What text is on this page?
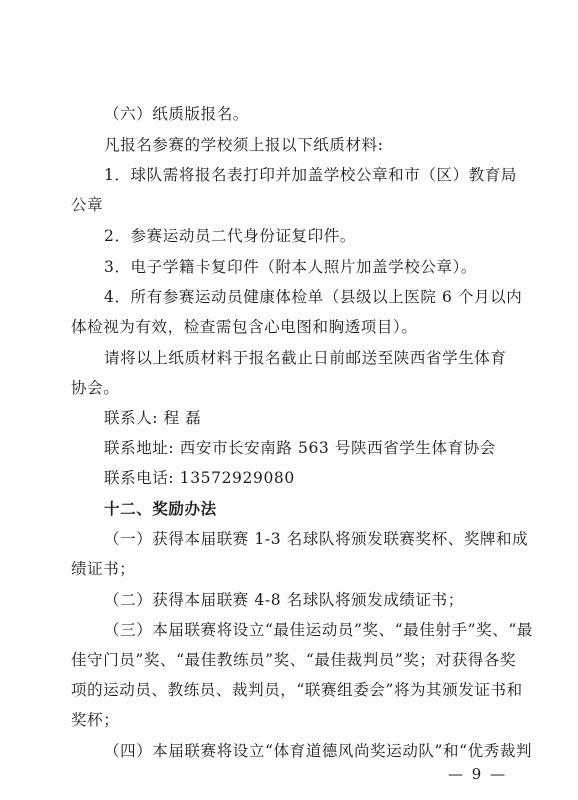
（六）纸质版报名。
凡报名参赛的学校须上报以下纸质材料:
1．球队需将报名表打印并加盖学校公章和市（区）教育局
公章
2．参赛运动员二代身份证复印件。
3．电子学籍卡复印件（附本人照片加盖学校公章）。
4．所有参赛运动员健康体检单（县级以上医院 6 个月以内
体检视为有效，检查需包含心电图和胸透项目）。
请将以上纸质材料于报名截止日前邮送至陕西省学生体育
协会。
联系人: 程 磊
联系地址: 西安市长安南路 563 号陕西省学生体育协会
联系电话: 13572929080
十二、奖励办法
（一）获得本届联赛 1-3 名球队将颁发联赛奖杯、奖牌和成
绩证书；
（二）获得本届联赛 4-8 名球队将颁发成绩证书；
（三）本届联赛将设立“最佳运动员”奖、“最佳射手”奖、“最
佳守门员”奖、“最佳教练员”奖、“最佳裁判员”奖；对获得各奖
项的运动员、教练员、裁判员，“联赛组委会”将为其颁发证书和
奖杯；
（四）本届联赛将设立“体育道德风尚奖运动队”和“优秀裁判
— 9 —
